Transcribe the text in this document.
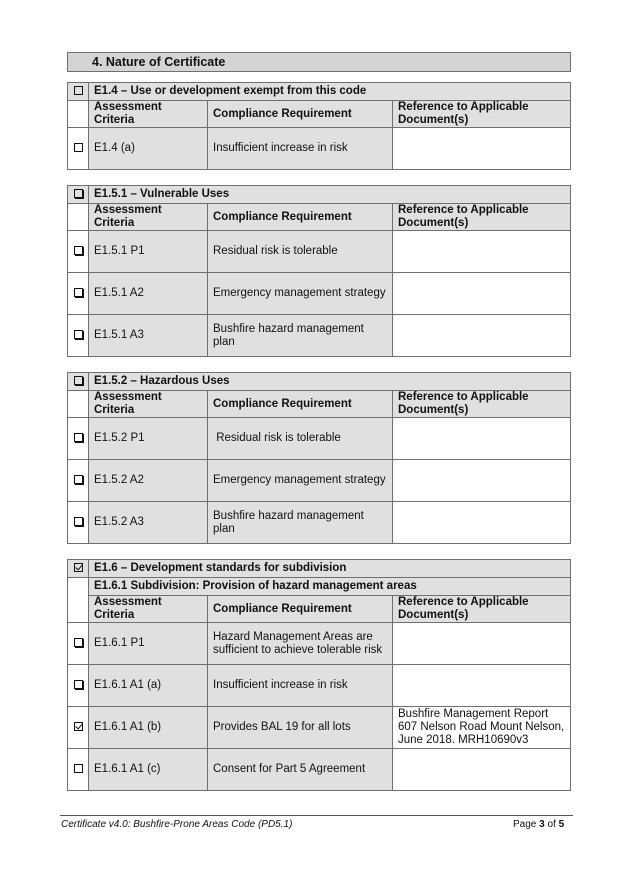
4. Nature of Certificate
	E1.4 – Use or development exempt from this code		
	Assessment Criteria	Compliance Requirement	Reference to Applicable Document(s)
	E1.4 (a)	Insufficient increase in risk	
	E1.5.1 – Vulnerable Uses		
	Assessment Criteria	Compliance Requirement	Reference to Applicable Document(s)
	E1.5.1 P1	Residual risk is tolerable	
	E1.5.1 A2	Emergency management strategy	
	E1.5.1 A3	Bushfire hazard management plan	
	E1.5.2 – Hazardous Uses		
	Assessment Criteria	Compliance Requirement	Reference to Applicable Document(s)
	E1.5.2 P1	Residual risk is tolerable	
	E1.5.2 A2	Emergency management strategy	
	E1.5.2 A3	Bushfire hazard management plan	
	E1.6 – Development standards for subdivision		
	E1.6.1 Subdivision: Provision of hazard management areas		
	Assessment Criteria	Compliance Requirement	Reference to Applicable Document(s)
	E1.6.1 P1	Hazard Management Areas are sufficient to achieve tolerable risk	
	E1.6.1 A1 (a)	Insufficient increase in risk	
	E1.6.1 A1 (b)	Provides BAL 19 for all lots	Bushfire Management Report 607 Nelson Road Mount Nelson, June 2018. MRH10690v3
	E1.6.1 A1 (c)	Consent for Part 5 Agreement	
Certificate v4.0: Bushfire-Prone Areas Code (PD5.1)	Page 3 of 5
